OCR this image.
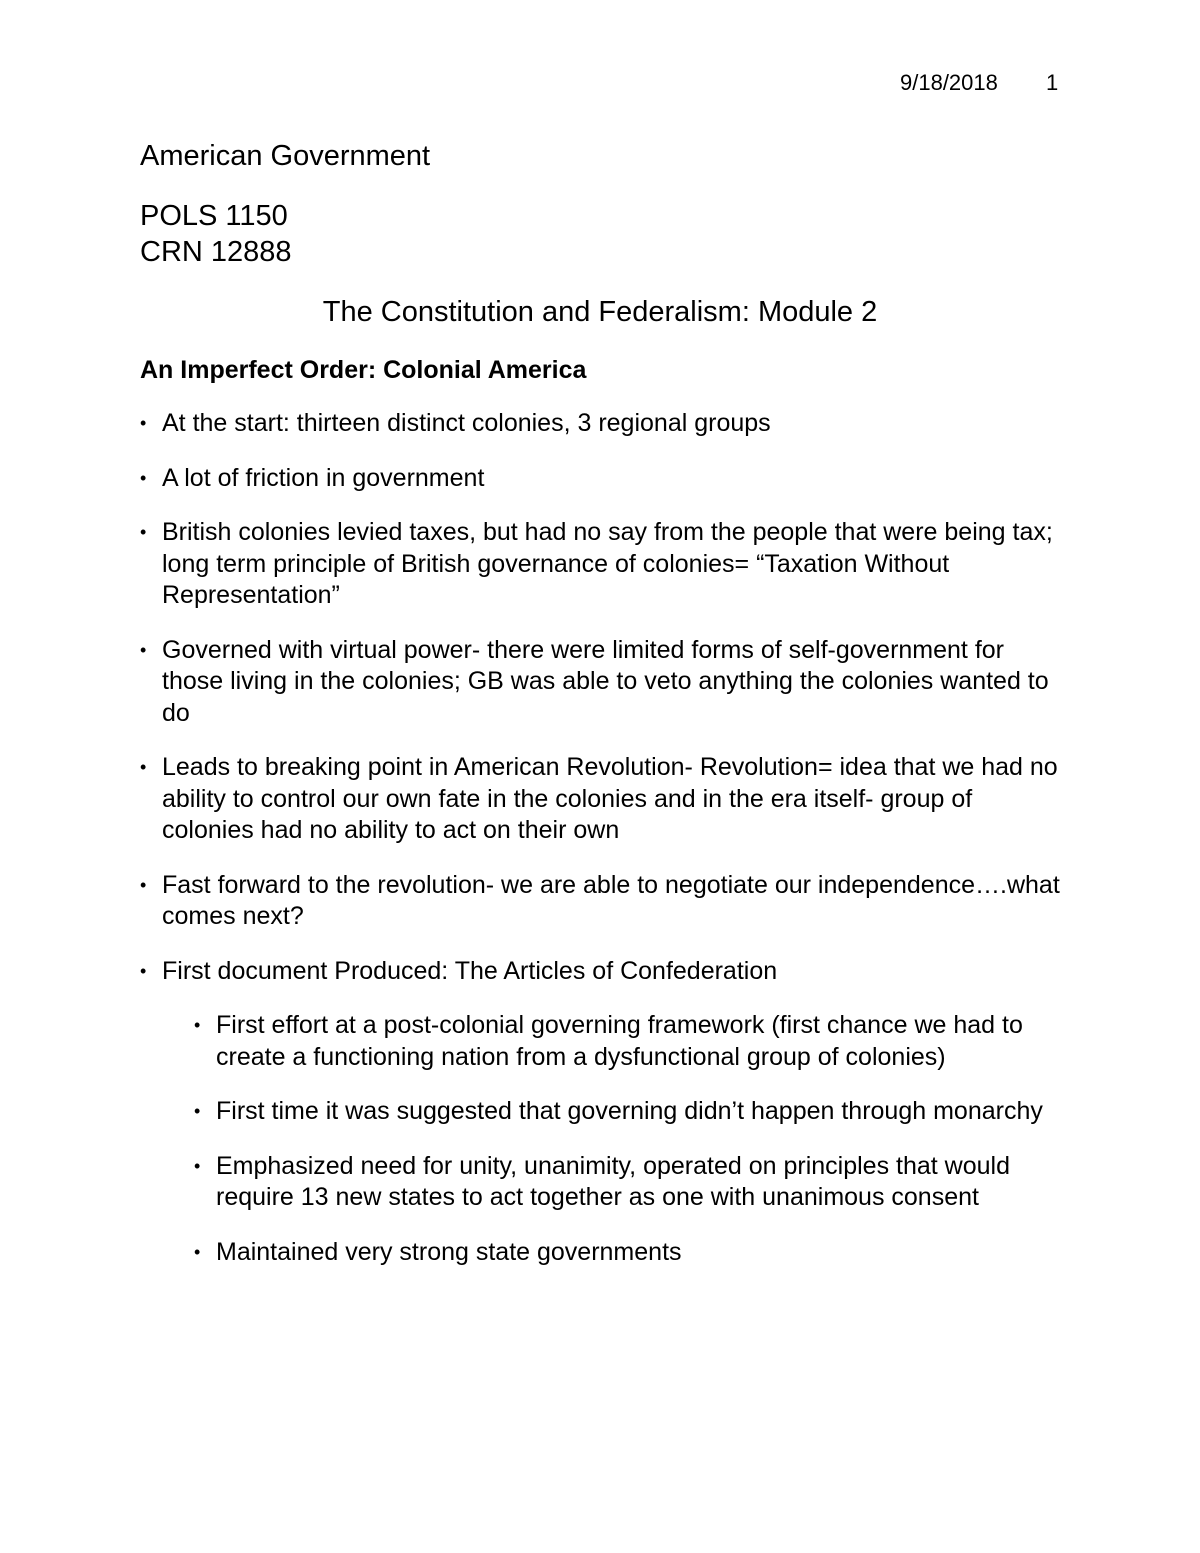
9/18/2018 1
American Government
POLS 1150
CRN 12888
The Constitution and Federalism: Module 2
An Imperfect Order: Colonial America
• At the start: thirteen distinct colonies, 3 regional groups
• A lot of friction in government
• British colonies levied taxes, but had no say from the people that were being tax; long term principle of British governance of colonies= “Taxation Without Representation”
• Governed with virtual power- there were limited forms of self-government for those living in the colonies; GB was able to veto anything the colonies wanted to do
• Leads to breaking point in American Revolution- Revolution= idea that we had no ability to control our own fate in the colonies and in the era itself- group of colonies had no ability to act on their own
• Fast forward to the revolution- we are able to negotiate our independence….what comes next?
• First document Produced: The Articles of Confederation
• First effort at a post-colonial governing framework (first chance we had to create a functioning nation from a dysfunctional group of colonies)
• First time it was suggested that governing didn’t happen through monarchy
• Emphasized need for unity, unanimity, operated on principles that would require 13 new states to act together as one with unanimous consent
• Maintained very strong state governments
